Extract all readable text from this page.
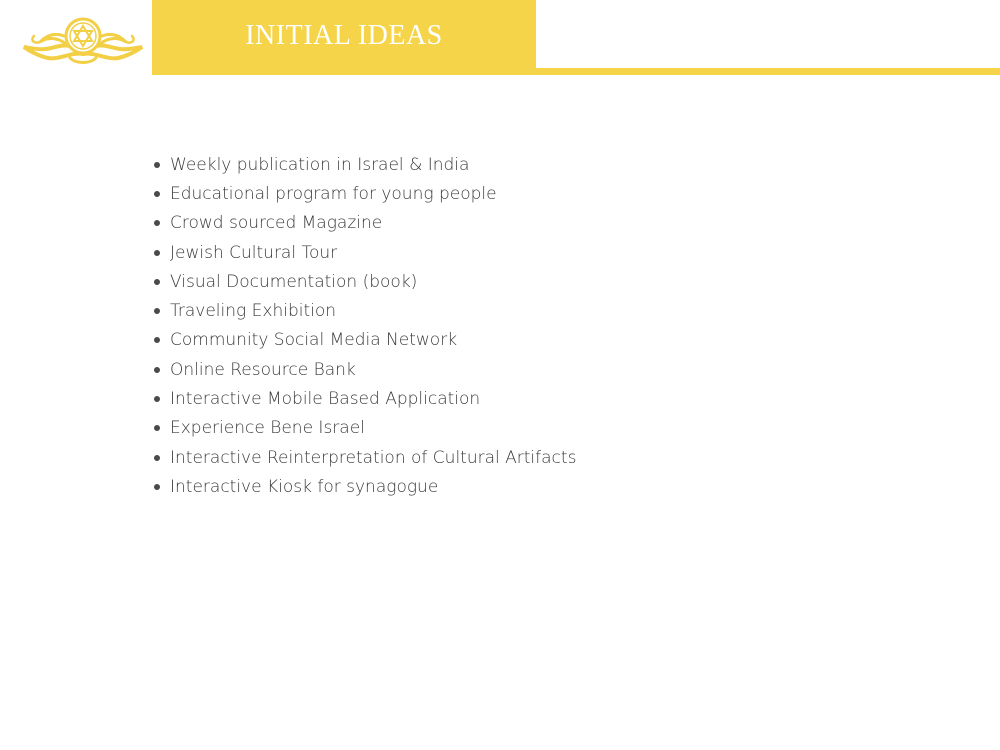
INITIAL IDEAS
Weekly publication in Israel & India
Educational program for young people
Crowd sourced Magazine
Jewish Cultural Tour
Visual Documentation (book)
Traveling Exhibition
Community Social Media Network
Online Resource Bank
Interactive Mobile Based Application
Experience Bene Israel
Interactive Reinterpretation of Cultural Artifacts
Interactive Kiosk for synagogue
